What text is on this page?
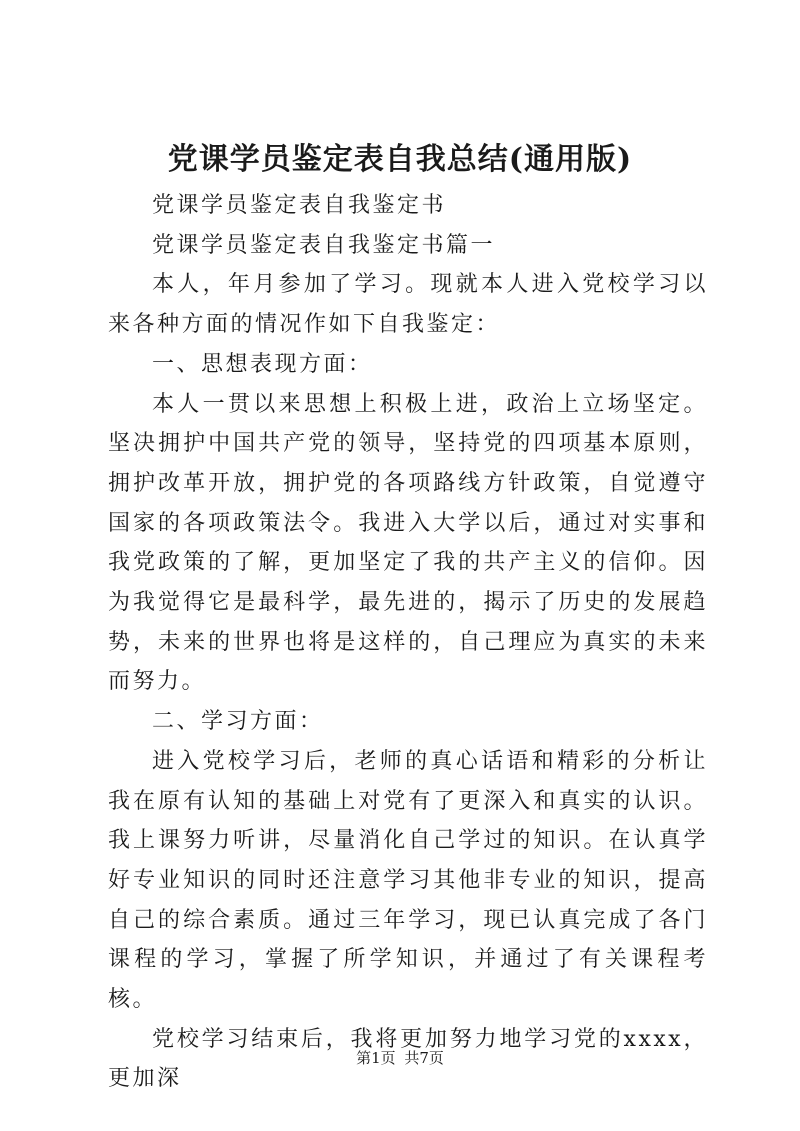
党课学员鉴定表自我总结(通用版)

党课学员鉴定表自我鉴定书

党课学员鉴定表自我鉴定书篇一

本人，年月参加了学习。现就本人进入党校学习以来各种方面的情况作如下自我鉴定：

一、思想表现方面：

本人一贯以来思想上积极上进，政治上立场坚定。坚决拥护中国共产党的领导，坚持党的四项基本原则，拥护改革开放，拥护党的各项路线方针政策，自觉遵守国家的各项政策法令。我进入大学以后，通过对实事和我党政策的了解，更加坚定了我的共产主义的信仰。因为我觉得它是最科学，最先进的，揭示了历史的发展趋势，未来的世界也将是这样的，自己理应为真实的未来而努力。

二、学习方面：

进入党校学习后，老师的真心话语和精彩的分析让我在原有认知的基础上对党有了更深入和真实的认识。我上课努力听讲，尽量消化自己学过的知识。在认真学好专业知识的同时还注意学习其他非专业的知识，提高自己的综合素质。通过三年学习，现已认真完成了各门课程的学习，掌握了所学知识，并通过了有关课程考核。

党校学习结束后，我将更加努力地学习党的xxxx，更加深

第1页 共7页
